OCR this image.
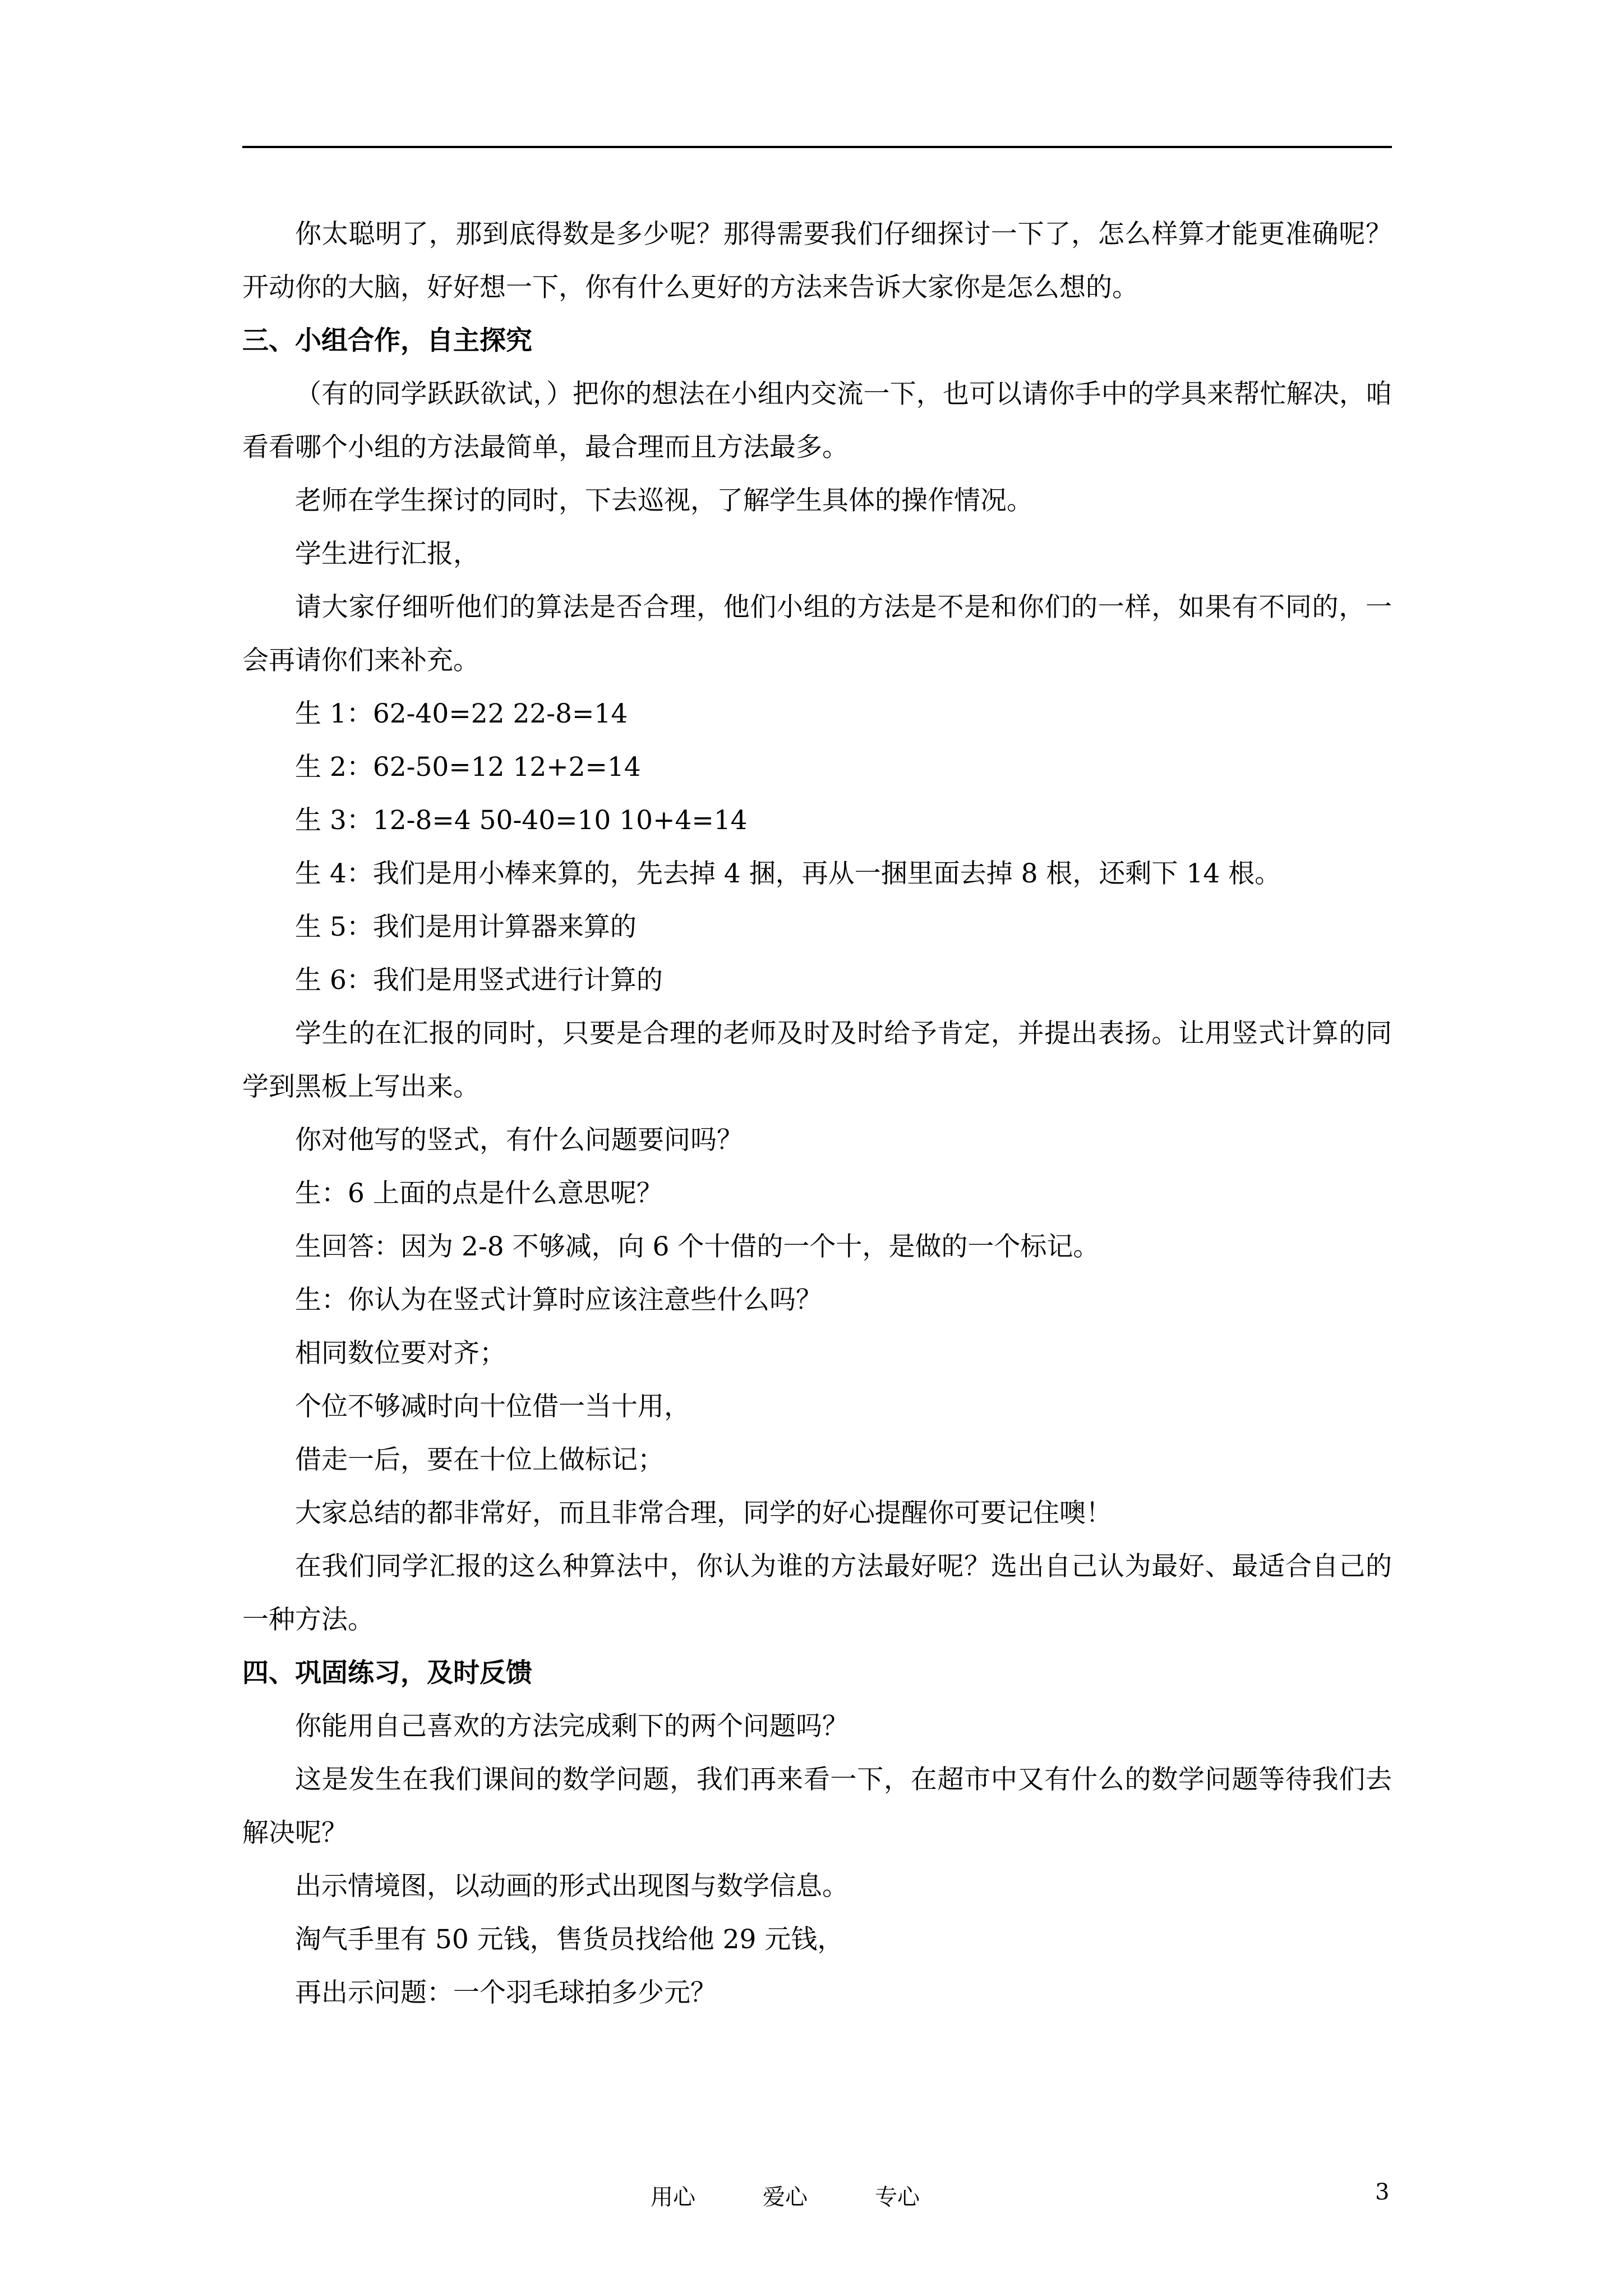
你太聪明了，那到底得数是多少呢？那得需要我们仔细探讨一下了，怎么样算才能更准确呢？开动你的大脑，好好想一下，你有什么更好的方法来告诉大家你是怎么想的。

三、小组合作，自主探究

（有的同学跃跃欲试，）把你的想法在小组内交流一下，也可以请你手中的学具来帮忙解决，咱看看哪个小组的方法最简单，最合理而且方法最多。

老师在学生探讨的同时，下去巡视，了解学生具体的操作情况。

学生进行汇报，

请大家仔细听他们的算法是否合理，他们小组的方法是不是和你们的一样，如果有不同的，一会再请你们来补充。

生 1：62-40=22 22-8=14

生 2：62-50=12 12+2=14

生 3：12-8=4 50-40=10 10+4=14

生 4：我们是用小棒来算的，先去掉 4 捆，再从一捆里面去掉 8 根，还剩下 14 根。

生 5：我们是用计算器来算的

生 6：我们是用竖式进行计算的

学生的在汇报的同时，只要是合理的老师及时及时给予肯定，并提出表扬。让用竖式计算的同学到黑板上写出来。

你对他写的竖式，有什么问题要问吗？

生：6 上面的点是什么意思呢？

生回答：因为 2-8 不够减，向 6 个十借的一个十，是做的一个标记。

生：你认为在竖式计算时应该注意些什么吗？

相同数位要对齐；

个位不够减时向十位借一当十用，

借走一后，要在十位上做标记；

大家总结的都非常好，而且非常合理，同学的好心提醒你可要记住噢！

在我们同学汇报的这么种算法中，你认为谁的方法最好呢？选出自己认为最好、最适合自己的一种方法。

四、巩固练习，及时反馈

你能用自己喜欢的方法完成剩下的两个问题吗？

这是发生在我们课间的数学问题，我们再来看一下，在超市中又有什么的数学问题等待我们去解决呢？

出示情境图，以动画的形式出现图与数学信息。

淘气手里有 50 元钱，售货员找给他 29 元钱，

再出示问题：一个羽毛球拍多少元？

用心	爱心	专心	3
